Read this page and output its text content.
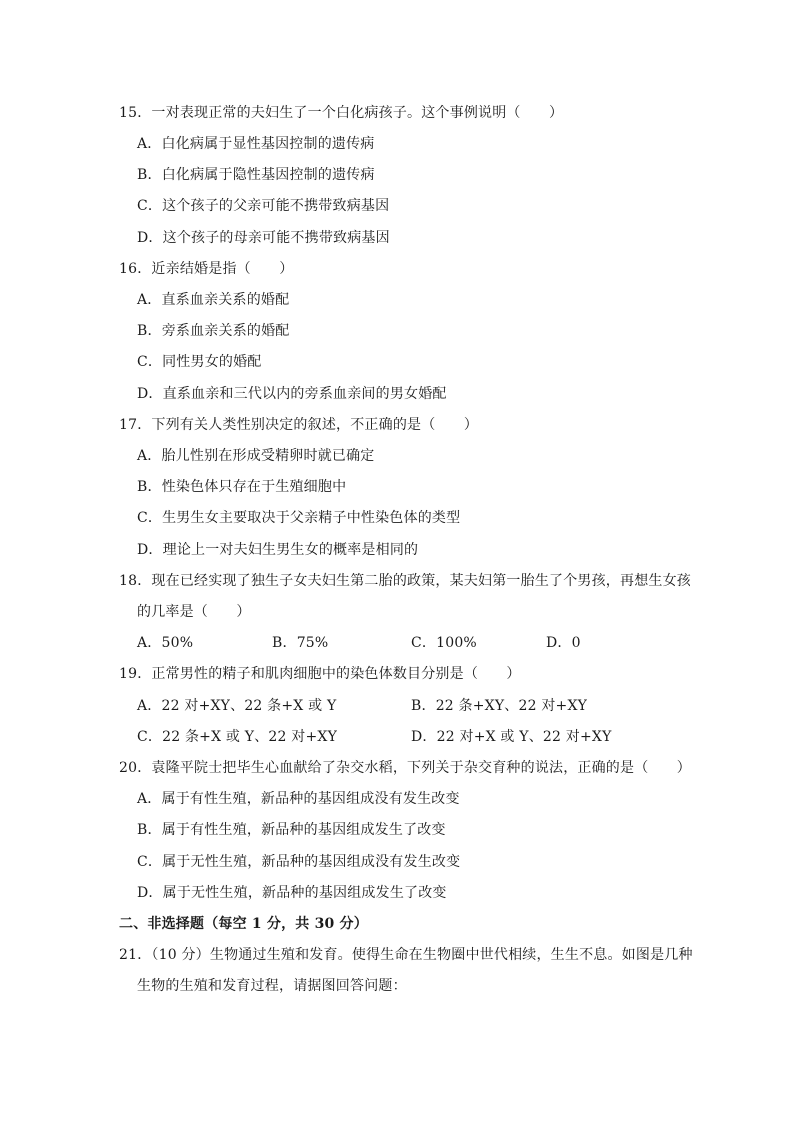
15．一对表现正常的夫妇生了一个白化病孩子。这个事例说明（　　）
A．白化病属于显性基因控制的遗传病
B．白化病属于隐性基因控制的遗传病
C．这个孩子的父亲可能不携带致病基因
D．这个孩子的母亲可能不携带致病基因
16．近亲结婚是指（　　）
A．直系血亲关系的婚配
B．旁系血亲关系的婚配
C．同性男女的婚配
D．直系血亲和三代以内的旁系血亲间的男女婚配
17．下列有关人类性别决定的叙述，不正确的是（　　）
A．胎儿性别在形成受精卵时就已确定
B．性染色体只存在于生殖细胞中
C．生男生女主要取决于父亲精子中性染色体的类型
D．理论上一对夫妇生男生女的概率是相同的
18．现在已经实现了独生子女夫妇生第二胎的政策，某夫妇第一胎生了个男孩，再想生女孩
的几率是（　　）
A．50%	B．75%	C．100%	D．0
19．正常男性的精子和肌肉细胞中的染色体数目分别是（　　）
A．22 对+XY、22 条+X 或 Y	B．22 条+XY、22 对+XY
C．22 条+X 或 Y、22 对+XY	D．22 对+X 或 Y、22 对+XY
20．袁隆平院士把毕生心血献给了杂交水稻，下列关于杂交育种的说法，正确的是（　　）
A．属于有性生殖，新品种的基因组成没有发生改变
B．属于有性生殖，新品种的基因组成发生了改变
C．属于无性生殖，新品种的基因组成没有发生改变
D．属于无性生殖，新品种的基因组成发生了改变
二、非选择题（每空 1 分，共 30 分）
21．（10 分）生物通过生殖和发育。使得生命在生物圈中世代相续，生生不息。如图是几种
生物的生殖和发育过程，请据图回答问题：
